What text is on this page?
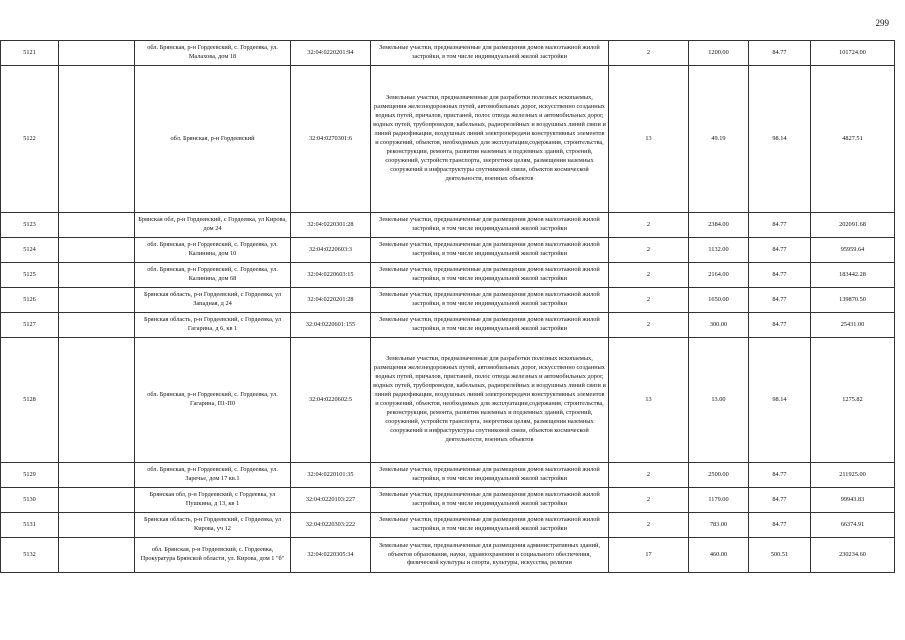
299
5121		обл. Брянская, р-н Гордеевский, с. Гордеевка, ул. Малахова, дом 18	32:04:0220201:94	Земельные участки, предназначенные для размещения домов малоэтажной жилой застройки, в том числе индивидуальной жилой застройки	2	1200.00	84.77	101724.00
5122		обл. Брянская, р-н Гордеевский	32:04:0270301:6	Земельные участки, предназначенные для разработки полезных ископаемых, размещения железнодорожных путей, автомобильных дорог, искусственно созданных водных путей, причалов, пристаней, полос отвода железных и автомобильных дорог, водных путей, трубопроводов, кабельных, радиорелейных и воздушных линий связи и линий радиофикации, воздушных линий электропередачи конструктивных элементов и сооружений, объектов, необходимых для эксплуатации,содержания, строительства, реконструкции, ремонта, развития наземных и подземных зданий, строений, сооружений, устройств транспорта, энергетики целям, размещения наземных сооружений и инфраструктуры спутниковой связи, объектов космической деятельности, военных объектов	13	49.19	98.14	4827.51
5123		Брянская обл, р-н Гордеевский, с Гордеевка, ул Кирова, дом 24	32:04:0220301:28	Земельные участки, предназначенные для размещения домов малоэтажной жилой застройки, в том числе индивидуальной жилой застройки	2	2384.00	84.77	202091.68
5124		обл. Брянская, р-н Гордеевский, с. Гордеевка, ул. Калинина, дом 10	32:04:0220603:3	Земельные участки, предназначенные для размещения домов малоэтажной жилой застройки, в том числе индивидуальной жилой застройки	2	1132.00	84.77	95959.64
5125		обл. Брянская, р-н Гордеевский, с. Гордеевка, ул. Калинина, дом 68	32:04:0220603:15	Земельные участки, предназначенные для размещения домов малоэтажной жилой застройки, в том числе индивидуальной жилой застройки	2	2164.00	84.77	183442.28
5126		Брянская область, р-н Гордеевский, с Гордеевка, ул Западная, д 24	32:04:0220201:28	Земельные участки, предназначенные для размещения домов малоэтажной жилой застройки, в том числе индивидуальной жилой застройки	2	1650.00	84.77	139870.50
5127		Брянская область, р-н Гордеевский, с Гордеевка, ул Гагарина, д 6, кв 1	32:04:0220601:155	Земельные участки, предназначенные для размещения домов малоэтажной жилой застройки, в том числе индивидуальной жилой застройки	2	300.00	84.77	25431.00
5128		обл. Брянская, р-н Гордеевский, с. Гордеевка, ул. Гагарина, П1-П0	32:04:0220602:5	Земельные участки, предназначенные для разработки полезных ископаемых, размещения железнодорожных путей, автомобильных дорог, искусственно созданных водных путей, причалов, пристаней, полос отвода железных и автомобильных дорог, водных путей, трубопроводов, кабельных, радиорелейных и воздушных линий связи и линий радиофикации, воздушных линий электропередачи конструктивных элементов и сооружений, объектов, необходимых для эксплуатации,содержания, строительства, реконструкции, ремонта, развития наземных и подземных зданий, строений, сооружений, устройств транспорта, энергетики целям, размещения наземных сооружений и инфраструктуры спутниковой связи, объектов космической деятельности, военных объектов	13	13.00	98.14	1275.82
5129		обл. Брянская, р-н Гордеевский, с. Гордеевка, ул. Заречье, дом 17 кв.1	32:04:0220101:35	Земельные участки, предназначенные для размещения домов малоэтажной жилой застройки, в том числе индивидуальной жилой застройки	2	2500.00	84.77	211925.00
5130		Брянская обл, р-н Гордеевский, с Гордеевка, ул Пушкина, д 13, кв 1	32:04:0220103:227	Земельные участки, предназначенные для размещения домов малоэтажной жилой застройки, в том числе индивидуальной жилой застройки	2	1179.00	84.77	99943.83
5131		Брянская область, р-н Гордеевский, с Гордеевка, ул Кирова, уч 12	32:04:0220303:222	Земельные участки, предназначенные для размещения домов малоэтажной жилой застройки, в том числе индивидуальной жилой застройки	2	783.00	84.77	66374.91
5132		обл. Брянская, р-н Гордеевский, с. Гордеевка, Прокуратура Брянской области, ул. Кирова, дом 1 "б"	32:04:0220305:34	Земельные участки, предназначенные для размещения административных зданий, объектов образования, науки, здравоохранения и социального обеспечения, физической культуры и спорта, культуры, искусства, религии	17	460.00	500.51	230234.60
